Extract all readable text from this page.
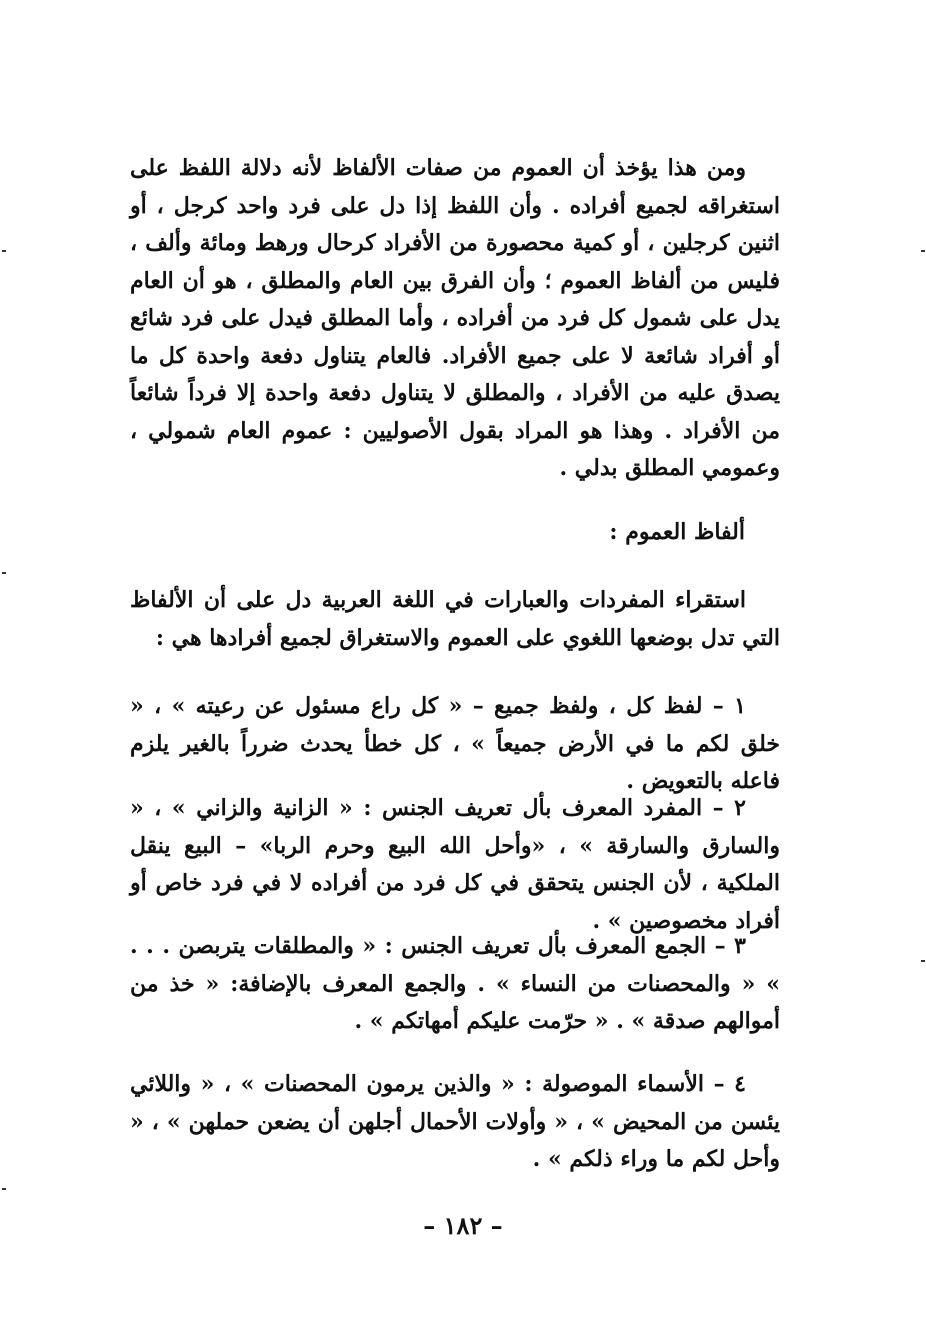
ومن هذا يؤخذ أن العموم من صفات الألفاظ لأنه دلالة اللفظ على استغراقه لجميع أفراده . وأن اللفظ إذا دل على فرد واحد كرجل ، أو اثنين كرجلين ، أو كمية محصورة من الأفراد كرحال ورهط ومائة وألف ، فليس من ألفاظ العموم ؛ وأن الفرق بين العام والمطلق ، هو أن العام يدل على شمول كل فرد من أفراده ، وأما المطلق فيدل على فرد شائع أو أفراد شائعة لا على جميع الأفراد. فالعام يتناول دفعة واحدة كل ما يصدق عليه من الأفراد ، والمطلق لا يتناول دفعة واحدة إلا فرداً شائعاً من الأفراد . وهذا هو المراد بقول الأصوليين : عموم العام شمولي ، وعمومي المطلق بدلي .

ألفاظ العموم :

استقراء المفردات والعبارات في اللغة العربية دل على أن الألفاظ التي تدل بوضعها اللغوي على العموم والاستغراق لجميع أفرادها هي :

١ – لفظ كل ، ولفظ جميع – « كل راع مسئول عن رعيته » ، « خلق لكم ما في الأرض جميعاً » ، كل خطأ يحدث ضرراً بالغير يلزم فاعله بالتعويض .

٢ – المفرد المعرف بأل تعريف الجنس : « الزانية والزاني » ، « والسارق والسارقة » ، «وأحل الله البيع وحرم الربا» – البيع ينقل الملكية ، لأن الجنس يتحقق في كل فرد من أفراده لا في فرد خاص أو أفراد مخصوصين » .

٣ – الجمع المعرف بأل تعريف الجنس : « والمطلقات يتربصن . . . » « والمحصنات من النساء » . والجمع المعرف بالإضافة: « خذ من أموالهم صدقة » . « حرّمت عليكم أمهاتكم » .

٤ – الأسماء الموصولة : « والذين يرمون المحصنات » ، « واللائي يئسن من المحيض » ، « وأولات الأحمال أجلهن أن يضعن حملهن » ، « وأحل لكم ما وراء ذلكم » .

– ١٨٢ –
